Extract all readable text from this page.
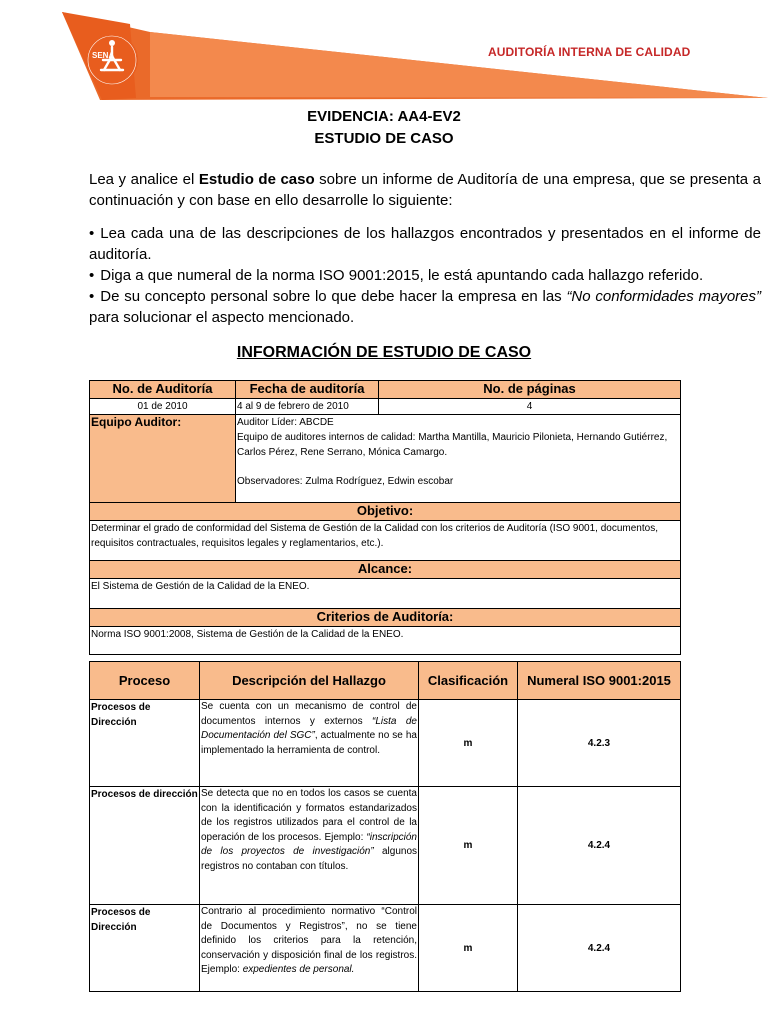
SENA	AUDITORÍA INTERNA DE CALIDAD
EVIDENCIA: AA4-EV2
ESTUDIO DE CASO
Lea y analice el Estudio de caso sobre un informe de Auditoría de una empresa, que se presenta a continuación y con base en ello desarrolle lo siguiente:
• Lea cada una de las descripciones de los hallazgos encontrados y presentados en el informe de auditoría.
• Diga a que numeral de la norma ISO 9001:2015, le está apuntando cada hallazgo referido.
• De su concepto personal sobre lo que debe hacer la empresa en las “No conformidades mayores” para solucionar el aspecto mencionado.
INFORMACIÓN DE ESTUDIO DE CASO
No. de Auditoría	Fecha de auditoría	No. de páginas
01 de 2010	4 al 9 de febrero de 2010	4
Equipo Auditor:	Auditor Líder: ABCDE
Equipo de auditores internos de calidad: Martha Mantilla, Mauricio Pilonieta, Hernando Gutiérrez, Carlos Pérez, Rene Serrano, Mónica Camargo.
Observadores: Zulma Rodríguez, Edwin escobar	

Objetivo:		
Determinar el grado de conformidad del Sistema de Gestión de la Calidad con los criterios de Auditoría (ISO 9001, documentos, requisitos contractuales, requisitos legales y reglamentarios, etc.).		
Alcance:		
El Sistema de Gestión de la Calidad de la ENEO.		
Criterios de Auditoría:		
Norma ISO 9001:2008, Sistema de Gestión de la Calidad de la ENEO.		
Proceso	Descripción del Hallazgo	Clasificación	Numeral ISO 9001:2015
Procesos de Dirección	Se cuenta con un mecanismo de control de documentos internos y externos “Lista de Documentación del SGC”, actualmente no se ha implementado la herramienta de control.	m	4.2.3
Procesos de dirección	Se detecta que no en todos los casos se cuenta con la identificación y formatos estandarizados de los registros utilizados para el control de la operación de los procesos. Ejemplo: “inscripción de los proyectos de investigación” algunos registros no contaban con títulos.	m	4.2.4
Procesos de Dirección	Contrario al procedimiento normativo “Control de Documentos y Registros”, no se tiene definido los criterios para la retención, conservación y disposición final de los registros. Ejemplo: expedientes de personal.	m	4.2.4
